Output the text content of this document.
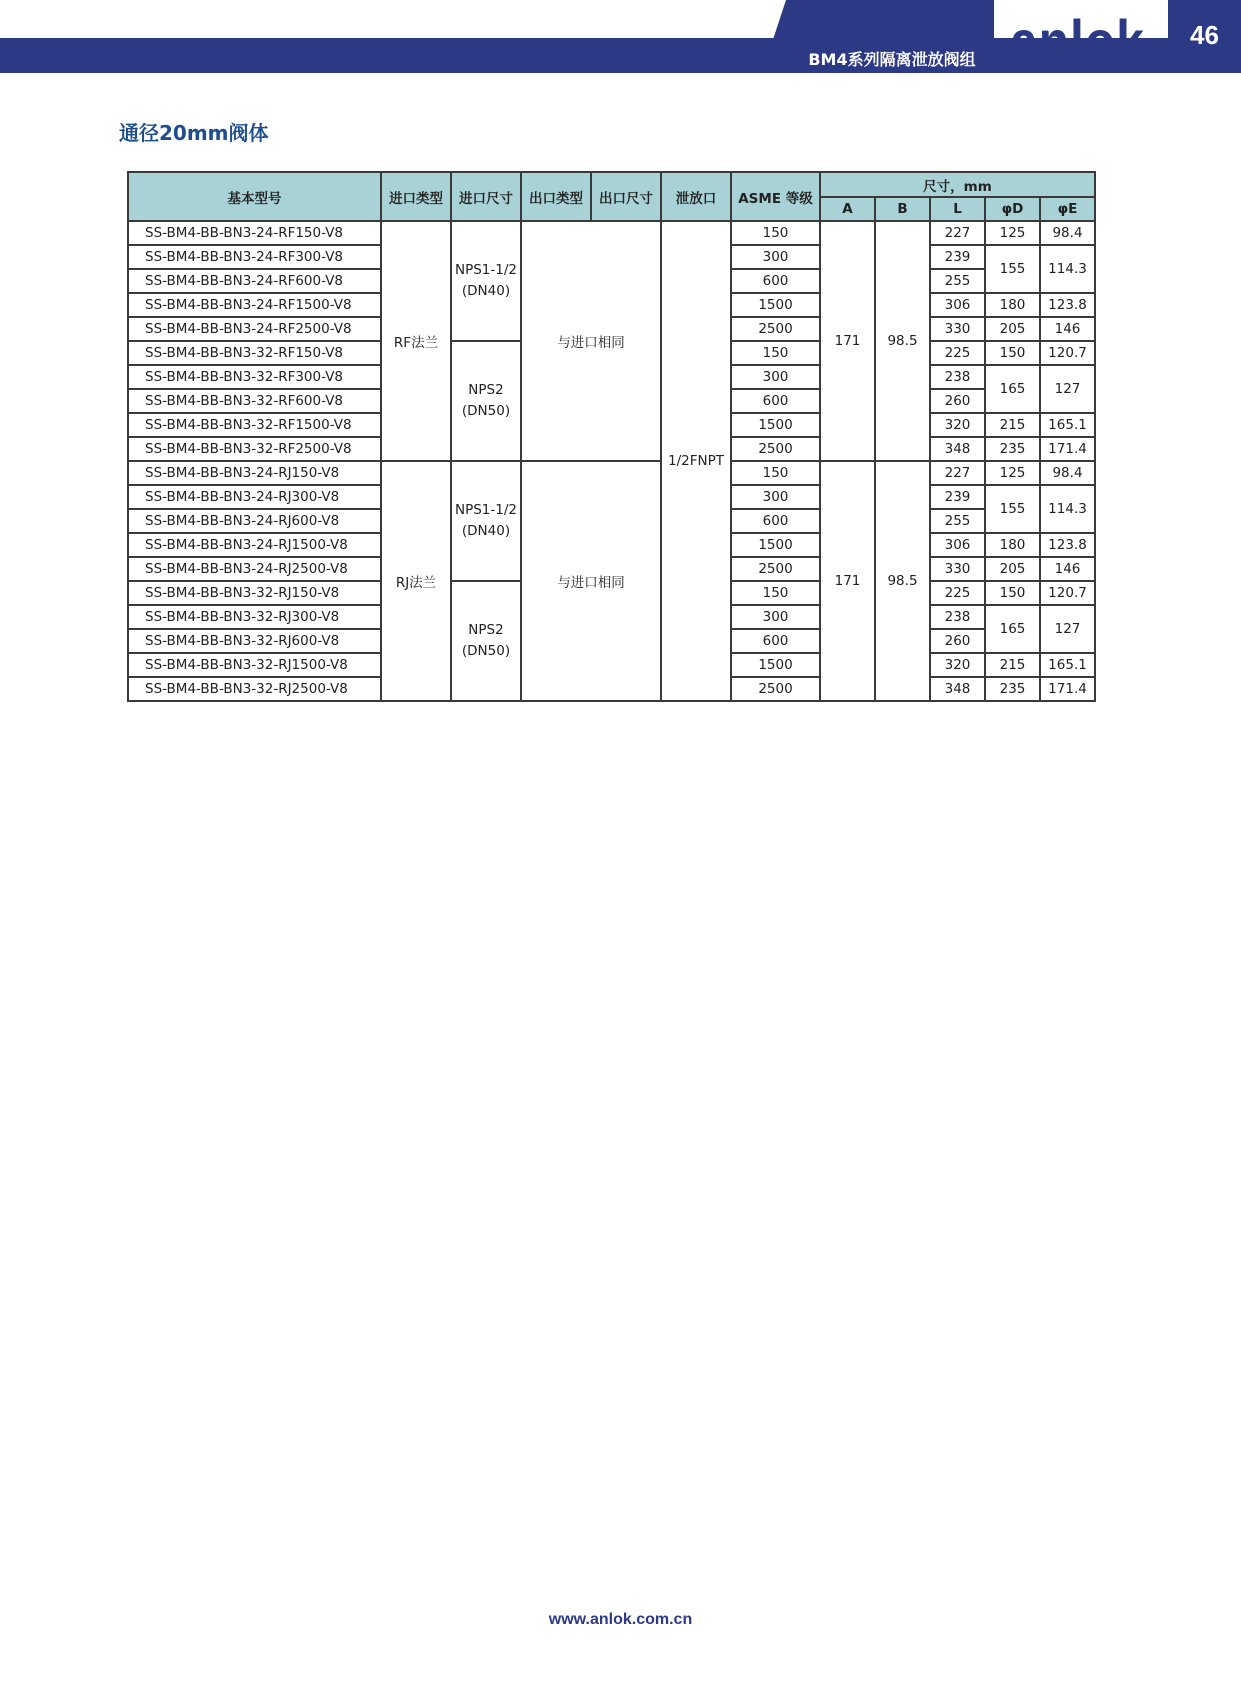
BM4系列隔离泄放阀组 anlok	46
通径20mm阀体
基本型号	进口类型	进口尺寸	出口类型	出口尺寸	泄放口	ASME 等级	尺寸，mm				
							A	B	L	φD	φE
SS-BM4-BB-BN3-24-RF150-V8	RF法兰	NPS1-1/2 (DN40)	与进口相同		1/2FNPT	150	171	98.5	227	125	98.4
SS-BM4-BB-BN3-24-RF300-V8						300			239	155	114.3
SS-BM4-BB-BN3-24-RF600-V8						600			255		
SS-BM4-BB-BN3-24-RF1500-V8						1500			306	180	123.8
SS-BM4-BB-BN3-24-RF2500-V8						2500			330	205	146
SS-BM4-BB-BN3-32-RF150-V8		NPS2 (DN50)				150			225	150	120.7
SS-BM4-BB-BN3-32-RF300-V8						300			238	165	127
SS-BM4-BB-BN3-32-RF600-V8						600			260		
SS-BM4-BB-BN3-32-RF1500-V8						1500			320	215	165.1
SS-BM4-BB-BN3-32-RF2500-V8						2500			348	235	171.4
SS-BM4-BB-BN3-24-RJ150-V8	RJ法兰	NPS1-1/2 (DN40)	与进口相同			150	171	98.5	227	125	98.4
SS-BM4-BB-BN3-24-RJ300-V8						300			239	155	114.3
SS-BM4-BB-BN3-24-RJ600-V8						600			255		
SS-BM4-BB-BN3-24-RJ1500-V8						1500			306	180	123.8
SS-BM4-BB-BN3-24-RJ2500-V8						2500			330	205	146
SS-BM4-BB-BN3-32-RJ150-V8		NPS2 (DN50)				150			225	150	120.7
SS-BM4-BB-BN3-32-RJ300-V8						300			238	165	127
SS-BM4-BB-BN3-32-RJ600-V8						600			260		
SS-BM4-BB-BN3-32-RJ1500-V8						1500			320	215	165.1
SS-BM4-BB-BN3-32-RJ2500-V8						2500			348	235	171.4
www.anlok.com.cn
